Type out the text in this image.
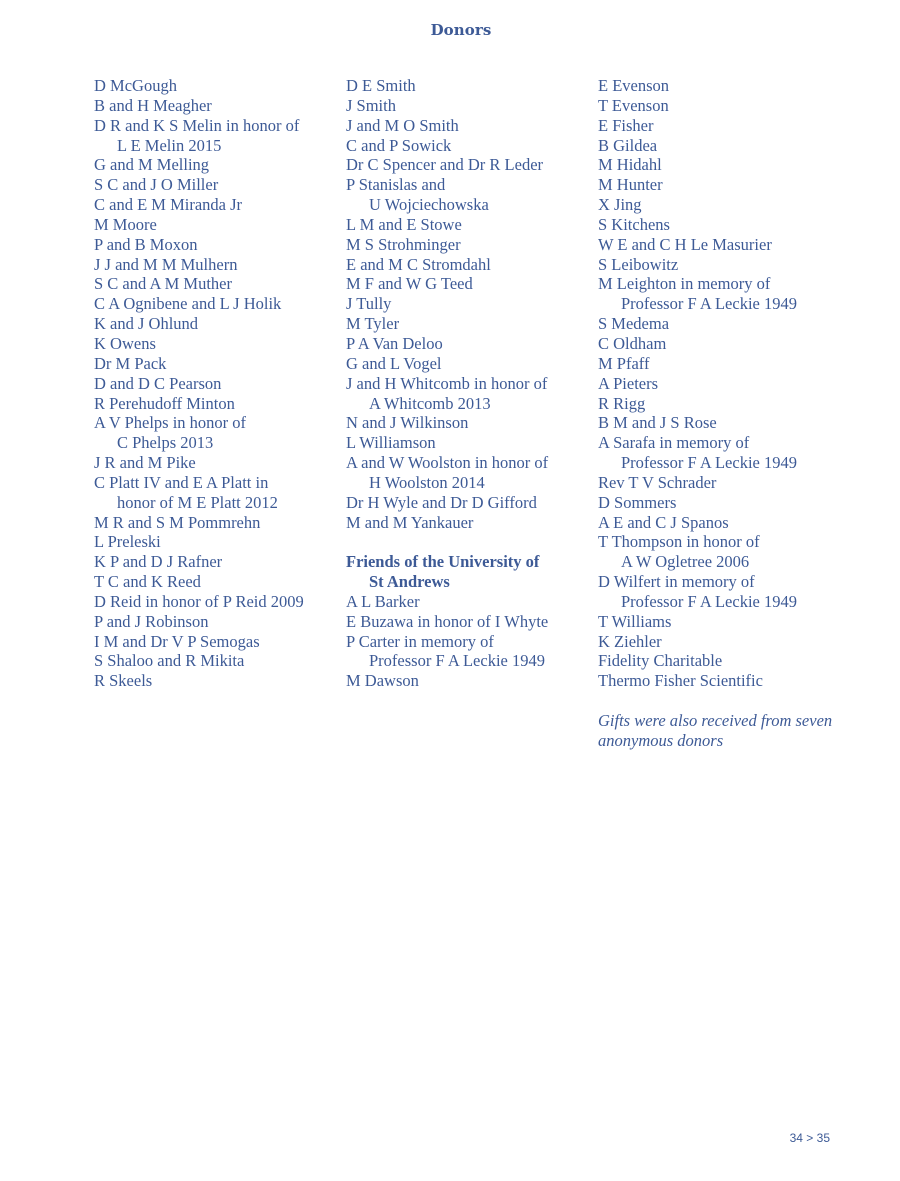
Donors
D McGough
B and H Meagher
D R and K S Melin in honor of
L E Melin 2015
G and M Melling
S C and J O Miller
C and E M Miranda Jr
M Moore
P and B Moxon
J J and M M Mulhern
S C and A M Muther
C A Ognibene and L J Holik
K and J Ohlund
K Owens
Dr M Pack
D and D C Pearson
R Perehudoff Minton
A V Phelps in honor of
C Phelps 2013
J R and M Pike
C Platt IV and E A Platt in
honor of M E Platt 2012
M R and S M Pommrehn
L Preleski
K P and D J Rafner
T C and K Reed
D Reid in honor of P Reid 2009
P and J Robinson
I M and Dr V P Semogas
S Shaloo and R Mikita
R Skeels
D E Smith
J Smith
J and M O Smith
C and P Sowick
Dr C Spencer and Dr R Leder
P Stanislas and
U Wojciechowska
L M and E Stowe
M S Strohminger
E and M C Stromdahl
M F and W G Teed
J Tully
M Tyler
P A Van Deloo
G and L Vogel
J and H Whitcomb in honor of
A Whitcomb 2013
N and J Wilkinson
L Williamson
A and W Woolston in honor of
H Woolston 2014
Dr H Wyle and Dr D Gifford
M and M Yankauer
Friends of the University of
St Andrews
A L Barker
E Buzawa in honor of I Whyte
P Carter in memory of
Professor F A Leckie 1949
M Dawson
E Evenson
T Evenson
E Fisher
B Gildea
M Hidahl
M Hunter
X Jing
S Kitchens
W E and C H Le Masurier
S Leibowitz
M Leighton in memory of
Professor F A Leckie 1949
S Medema
C Oldham
M Pfaff
A Pieters
R Rigg
B M and J S Rose
A Sarafa in memory of
Professor F A Leckie 1949
Rev T V Schrader
D Sommers
A E and C J Spanos
T Thompson in honor of
A W Ogletree 2006
D Wilfert in memory of
Professor F A Leckie 1949
T Williams
K Ziehler
Fidelity Charitable
Thermo Fisher Scientific
Gifts were also received from seven
anonymous donors
34 > 35
